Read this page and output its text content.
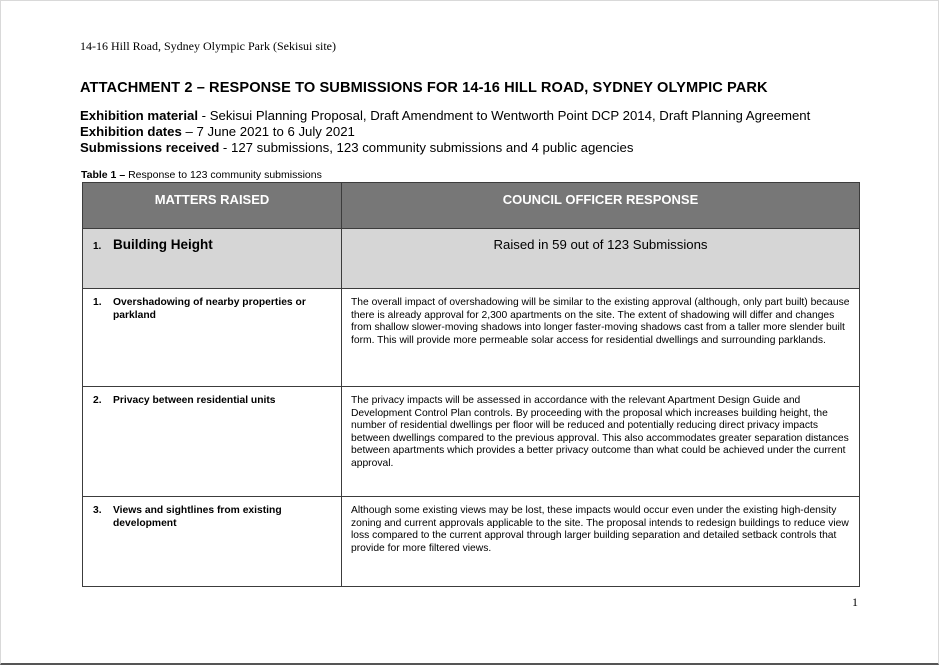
14-16 Hill Road, Sydney Olympic Park (Sekisui site)
ATTACHMENT 2 – RESPONSE TO SUBMISSIONS FOR 14-16 HILL ROAD, SYDNEY OLYMPIC PARK
Exhibition material - Sekisui Planning Proposal, Draft Amendment to Wentworth Point DCP 2014, Draft Planning Agreement
Exhibition dates – 7 June 2021 to 6 July 2021
Submissions received - 127 submissions, 123 community submissions and 4 public agencies
Table 1 – Response to 123 community submissions
MATTERS RAISED	COUNCIL OFFICER RESPONSE
1. Building Height	Raised in 59 out of 123 Submissions
1. Overshadowing of nearby properties or parkland	The overall impact of overshadowing will be similar to the existing approval (although, only part built) because there is already approval for 2,300 apartments on the site. The extent of shadowing will differ and changes from shallow slower-moving shadows into longer faster-moving shadows cast from a taller more slender built form. This will provide more permeable solar access for residential dwellings and surrounding parklands.
2. Privacy between residential units	The privacy impacts will be assessed in accordance with the relevant Apartment Design Guide and Development Control Plan controls. By proceeding with the proposal which increases building height, the number of residential dwellings per floor will be reduced and potentially reducing direct privacy impacts between dwellings compared to the previous approval. This also accommodates greater separation distances between apartments which provides a better privacy outcome than what could be achieved under the current approval.
3. Views and sightlines from existing development	Although some existing views may be lost, these impacts would occur even under the existing high-density zoning and current approvals applicable to the site. The proposal intends to redesign buildings to reduce view loss compared to the current approval through larger building separation and detailed setback controls that provide for more filtered views.
1
